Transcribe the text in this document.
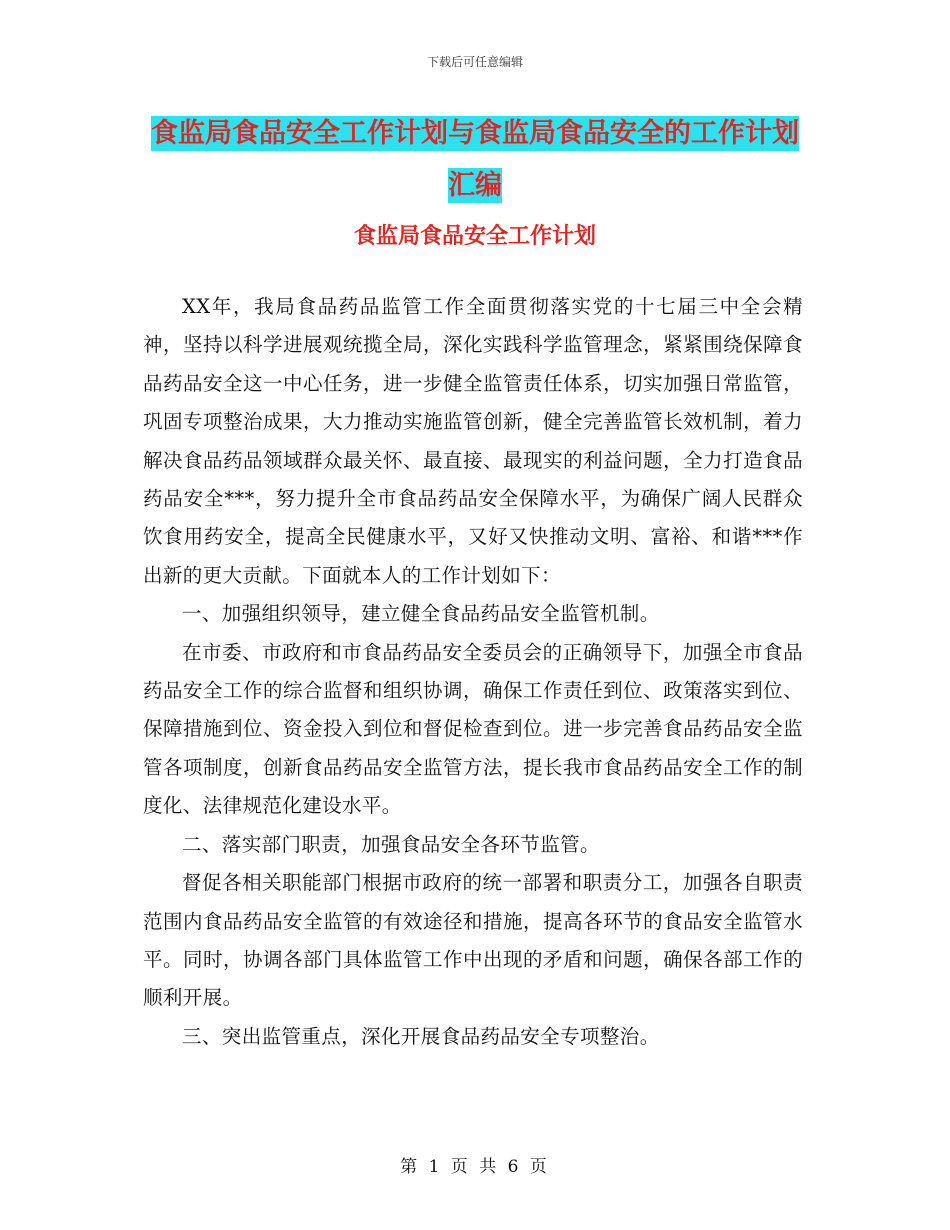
下载后可任意编辑
食监局食品安全工作计划与食监局食品安全的工作计划汇编
食监局食品安全工作计划

XX年，我局食品药品监管工作全面贯彻落实党的十七届三中全会精神，坚持以科学进展观统揽全局，深化实践科学监管理念，紧紧围绕保障食品药品安全这一中心任务，进一步健全监管责任体系，切实加强日常监管，巩固专项整治成果，大力推动实施监管创新，健全完善监管长效机制，着力解决食品药品领域群众最关怀、最直接、最现实的利益问题，全力打造食品药品安全***，努力提升全市食品药品安全保障水平，为确保广阔人民群众饮食用药安全，提高全民健康水平，又好又快推动文明、富裕、和谐***作出新的更大贡献。下面就本人的工作计划如下：

一、加强组织领导，建立健全食品药品安全监管机制。

在市委、市政府和市食品药品安全委员会的正确领导下，加强全市食品药品安全工作的综合监督和组织协调，确保工作责任到位、政策落实到位、保障措施到位、资金投入到位和督促检查到位。进一步完善食品药品安全监管各项制度，创新食品药品安全监管方法，提长我市食品药品安全工作的制度化、法律规范化建设水平。

二、落实部门职责，加强食品安全各环节监管。

督促各相关职能部门根据市政府的统一部署和职责分工，加强各自职责范围内食品药品安全监管的有效途径和措施，提高各环节的食品安全监管水平。同时，协调各部门具体监管工作中出现的矛盾和问题，确保各部工作的顺利开展。

三、突出监管重点，深化开展食品药品安全专项整治。

第 1 页 共 6 页
